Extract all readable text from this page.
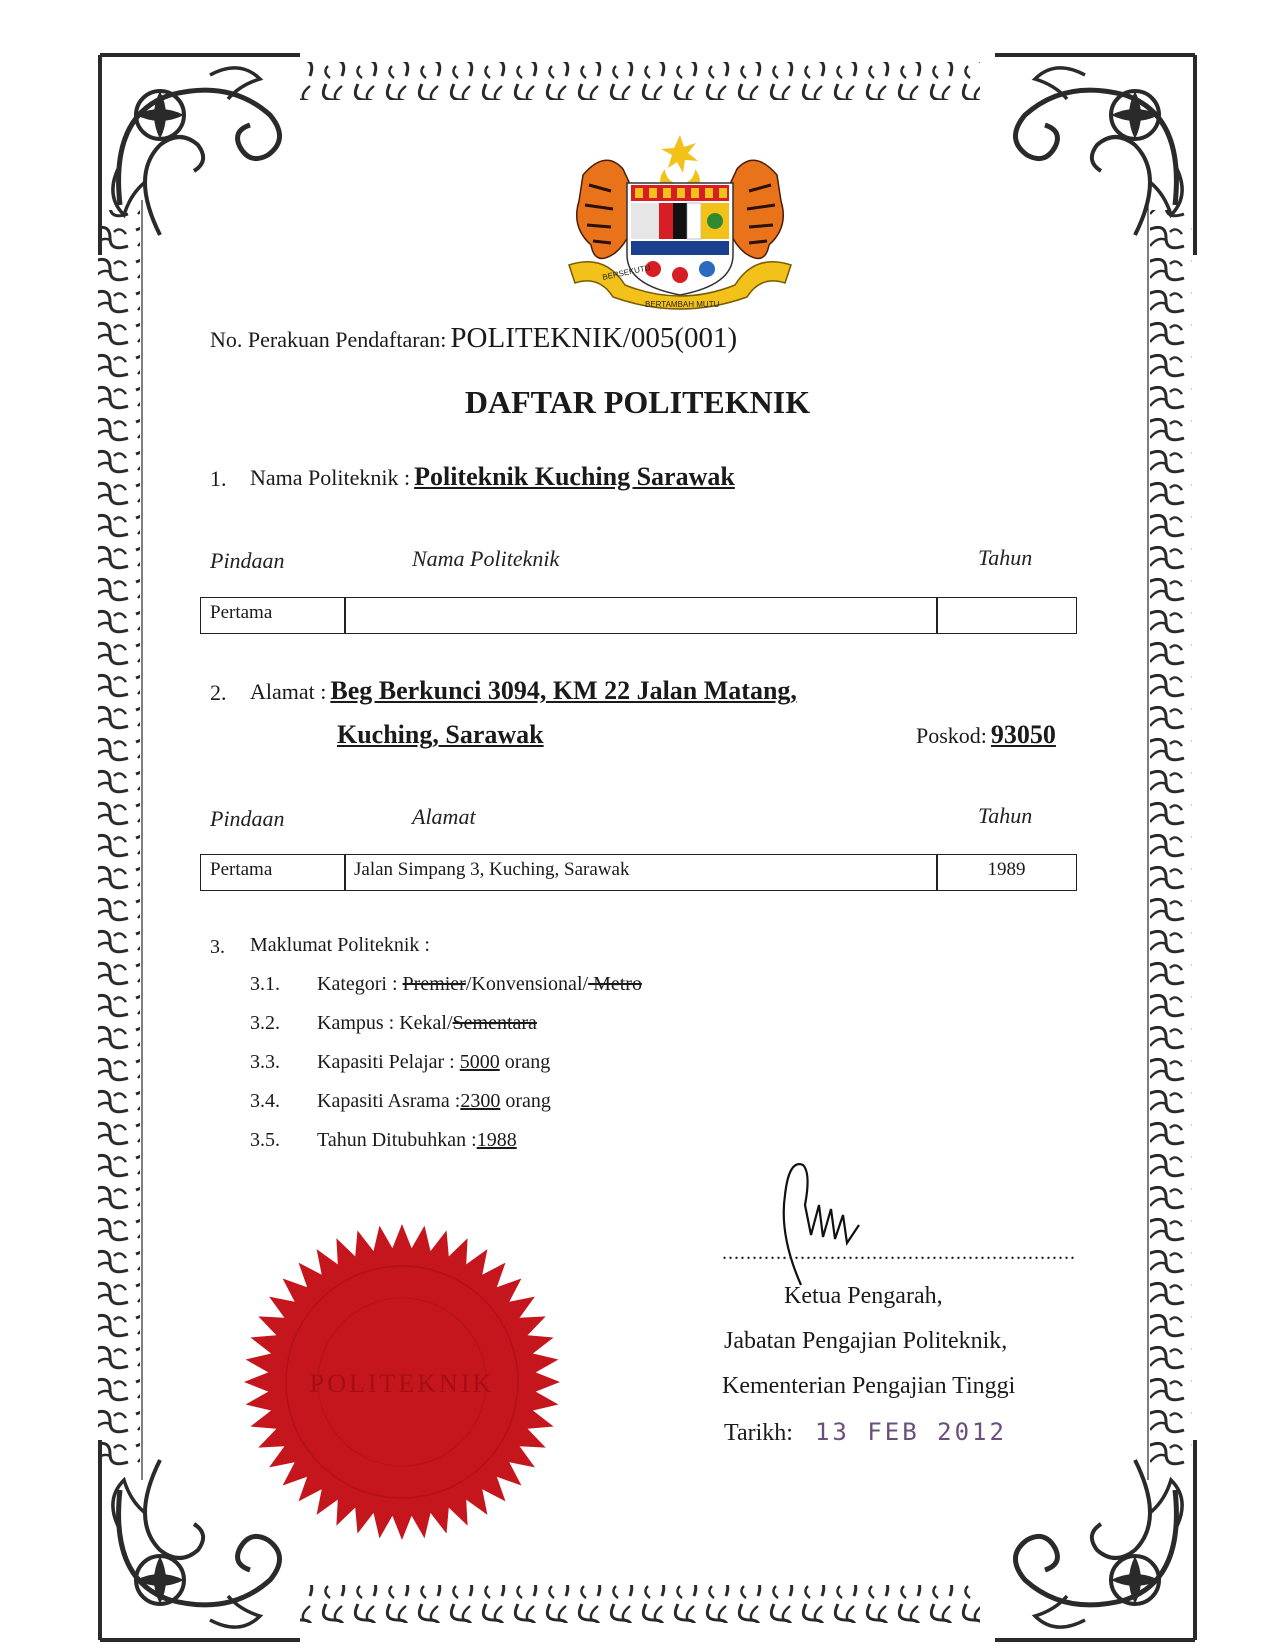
BERSEKUTU
BERTAMBAH MUTU
No. Perakuan Pendaftaran: POLITEKNIK/005(001)
DAFTAR POLITEKNIK
1. Nama Politeknik : Politeknik Kuching Sarawak
Pindaan	Nama Politeknik	Tahun
Pertama
2. Alamat : Beg Berkunci 3094, KM 22 Jalan Matang,
Kuching, Sarawak	Poskod: 93050
Pindaan	Alamat	Tahun
Pertama	Jalan Simpang 3, Kuching, Sarawak	1989
3. Maklumat Politeknik :
3.1. Kategori : Premier/Konvensional/ Metro
3.2. Kampus : Kekal/Sementara
3.3. Kapasiti Pelajar : 5000 orang
3.4. Kapasiti Asrama :2300 orang
3.5. Tahun Ditubuhkan :1988
POLITEKNIK
...........................................................
Ketua Pengarah,
Jabatan Pengajian Politeknik,
Kementerian Pengajian Tinggi
Tarikh: 13 FEB 2012
